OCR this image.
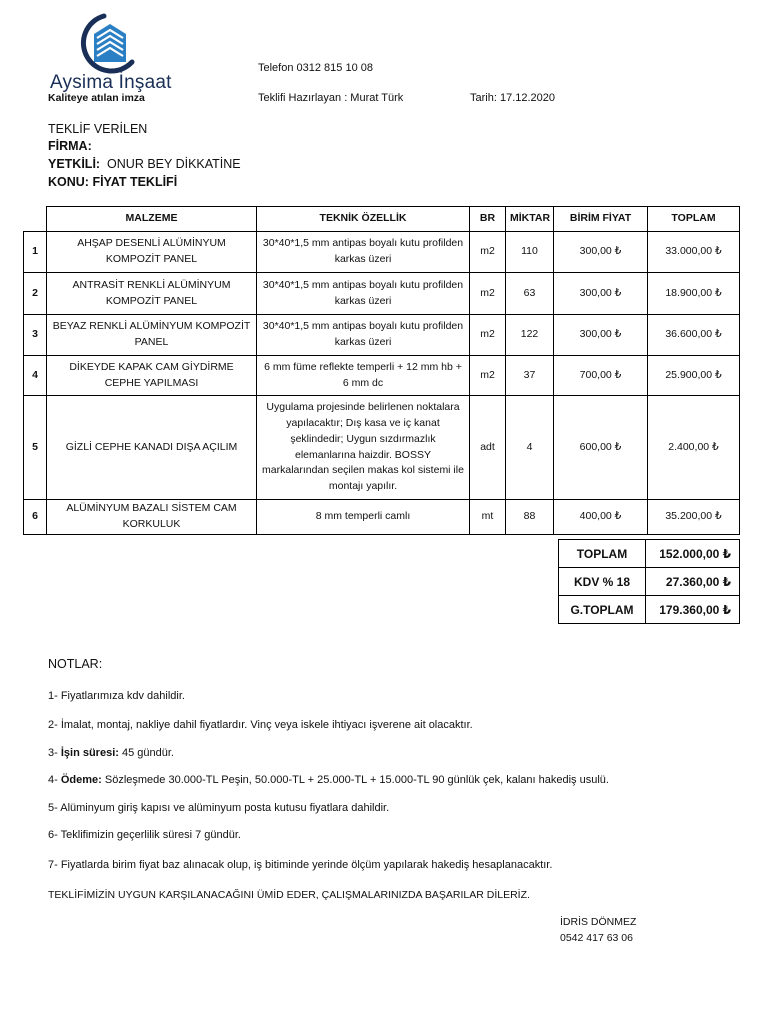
Aysima İnşaat
Kaliteye atılan imza
Telefon 0312 815 10 08
Teklifi Hazırlayan : Murat Türk	Tarih: 17.12.2020
TEKLİF VERİLEN
FİRMA:
YETKİLİ: ONUR BEY DİKKATİNE
KONU: FİYAT TEKLİFİ
	MALZEME	TEKNİK ÖZELLİK	BR	MİKTAR	BİRİM FİYAT	TOPLAM
1	AHŞAP DESENLİ ALÜMİNYUM KOMPOZİT PANEL	30*40*1,5 mm antipas boyalı kutu profilden karkas üzeri	m2	110	300,00 ₺	33.000,00 ₺
2	ANTRASİT RENKLİ ALÜMİNYUM KOMPOZİT PANEL	30*40*1,5 mm antipas boyalı kutu profilden karkas üzeri	m2	63	300,00 ₺	18.900,00 ₺
3	BEYAZ RENKLİ ALÜMİNYUM KOMPOZİT PANEL	30*40*1,5 mm antipas boyalı kutu profilden karkas üzeri	m2	122	300,00 ₺	36.600,00 ₺
4	DİKEYDE KAPAK CAM GİYDİRME CEPHE YAPILMASI	6 mm füme reflekte temperli + 12 mm hb + 6 mm dc	m2	37	700,00 ₺	25.900,00 ₺
5	GİZLİ CEPHE KANADI DIŞA AÇILIM	Uygulama projesinde belirlenen noktalara yapılacaktır; Dış kasa ve iç kanat şeklindedir; Uygun sızdırmazlık elemanlarına haizdir. BOSSY markalarından seçilen makas kol sistemi ile montajı yapılır.	adt	4	600,00 ₺	2.400,00 ₺
6	ALÜMİNYUM BAZALI SİSTEM CAM KORKULUK	8 mm temperli camlı	mt	88	400,00 ₺	35.200,00 ₺
TOPLAM	152.000,00 ₺
KDV % 18	27.360,00 ₺
G.TOPLAM	179.360,00 ₺
NOTLAR:
1- Fiyatlarımıza kdv dahildir.
2- İmalat, montaj, nakliye dahil fiyatlardır. Vinç veya iskele ihtiyacı işverene ait olacaktır.
3- İşin süresi: 45 gündür.
4- Ödeme: Sözleşmede 30.000-TL Peşin, 50.000-TL + 25.000-TL + 15.000-TL 90 günlük çek, kalanı hakediş usulü.
5- Alüminyum giriş kapısı ve alüminyum posta kutusu fiyatlara dahildir.
6- Teklifimizin geçerlilik süresi 7 gündür.
7- Fiyatlarda birim fiyat baz alınacak olup, iş bitiminde yerinde ölçüm yapılarak hakediş hesaplanacaktır.
TEKLİFİMİZİN UYGUN KARŞILANACAĞINI ÜMİD EDER, ÇALIŞMALARINIZDA BAŞARILAR DİLERİZ.
İDRİS DÖNMEZ
0542 417 63 06
